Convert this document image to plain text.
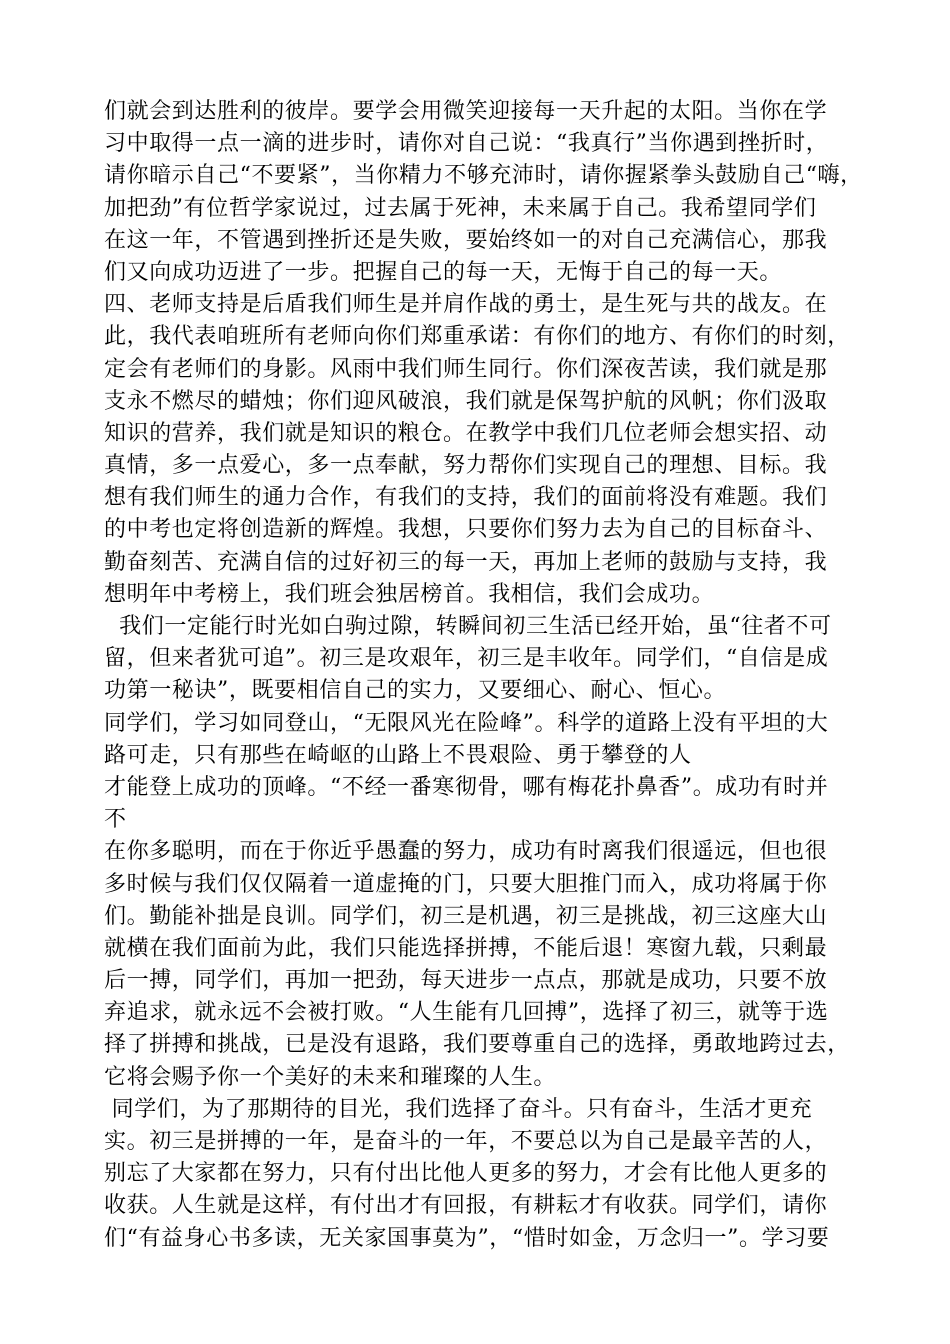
们就会到达胜利的彼岸。要学会用微笑迎接每一天升起的太阳。当你在学
习中取得一点一滴的进步时，请你对自己说：“我真行”当你遇到挫折时，
请你暗示自己“不要紧”，当你精力不够充沛时，请你握紧拳头鼓励自己“嗨，
加把劲”有位哲学家说过，过去属于死神，未来属于自己。我希望同学们
在这一年，不管遇到挫折还是失败，要始终如一的对自己充满信心，那我
们又向成功迈进了一步。把握自己的每一天，无悔于自己的每一天。
四、老师支持是后盾我们师生是并肩作战的勇士，是生死与共的战友。在
此，我代表咱班所有老师向你们郑重承诺：有你们的地方、有你们的时刻，
定会有老师们的身影。风雨中我们师生同行。你们深夜苦读，我们就是那
支永不燃尽的蜡烛；你们迎风破浪，我们就是保驾护航的风帆；你们汲取
知识的营养，我们就是知识的粮仓。在教学中我们几位老师会想实招、动
真情，多一点爱心，多一点奉献，努力帮你们实现自己的理想、目标。我
想有我们师生的通力合作，有我们的支持，我们的面前将没有难题。我们
的中考也定将创造新的辉煌。我想，只要你们努力去为自己的目标奋斗、
勤奋刻苦、充满自信的过好初三的每一天，再加上老师的鼓励与支持，我
想明年中考榜上，我们班会独居榜首。我相信，我们会成功。
我们一定能行时光如白驹过隙，转瞬间初三生活已经开始，虽“往者不可
留，但来者犹可追”。初三是攻艰年，初三是丰收年。同学们，“自信是成
功第一秘诀”，既要相信自己的实力，又要细心、耐心、恒心。
同学们，学习如同登山，“无限风光在险峰”。科学的道路上没有平坦的大
路可走，只有那些在崎岖的山路上不畏艰险、勇于攀登的人
才能登上成功的顶峰。“不经一番寒彻骨，哪有梅花扑鼻香”。成功有时并
不
在你多聪明，而在于你近乎愚蠢的努力，成功有时离我们很遥远，但也很
多时候与我们仅仅隔着一道虚掩的门，只要大胆推门而入，成功将属于你
们。勤能补拙是良训。同学们，初三是机遇，初三是挑战，初三这座大山
就横在我们面前为此，我们只能选择拼搏，不能后退！寒窗九载，只剩最
后一搏，同学们，再加一把劲，每天进步一点点，那就是成功，只要不放
弃追求，就永远不会被打败。“人生能有几回搏”，选择了初三，就等于选
择了拼搏和挑战，已是没有退路，我们要尊重自己的选择，勇敢地跨过去，
它将会赐予你一个美好的未来和璀璨的人生。
同学们，为了那期待的目光，我们选择了奋斗。只有奋斗，生活才更充
实。初三是拼搏的一年，是奋斗的一年，不要总以为自己是最辛苦的人，
别忘了大家都在努力，只有付出比他人更多的努力，才会有比他人更多的
收获。人生就是这样，有付出才有回报，有耕耘才有收获。同学们，请你
们“有益身心书多读，无关家国事莫为”，“惜时如金，万念归一”。学习要
